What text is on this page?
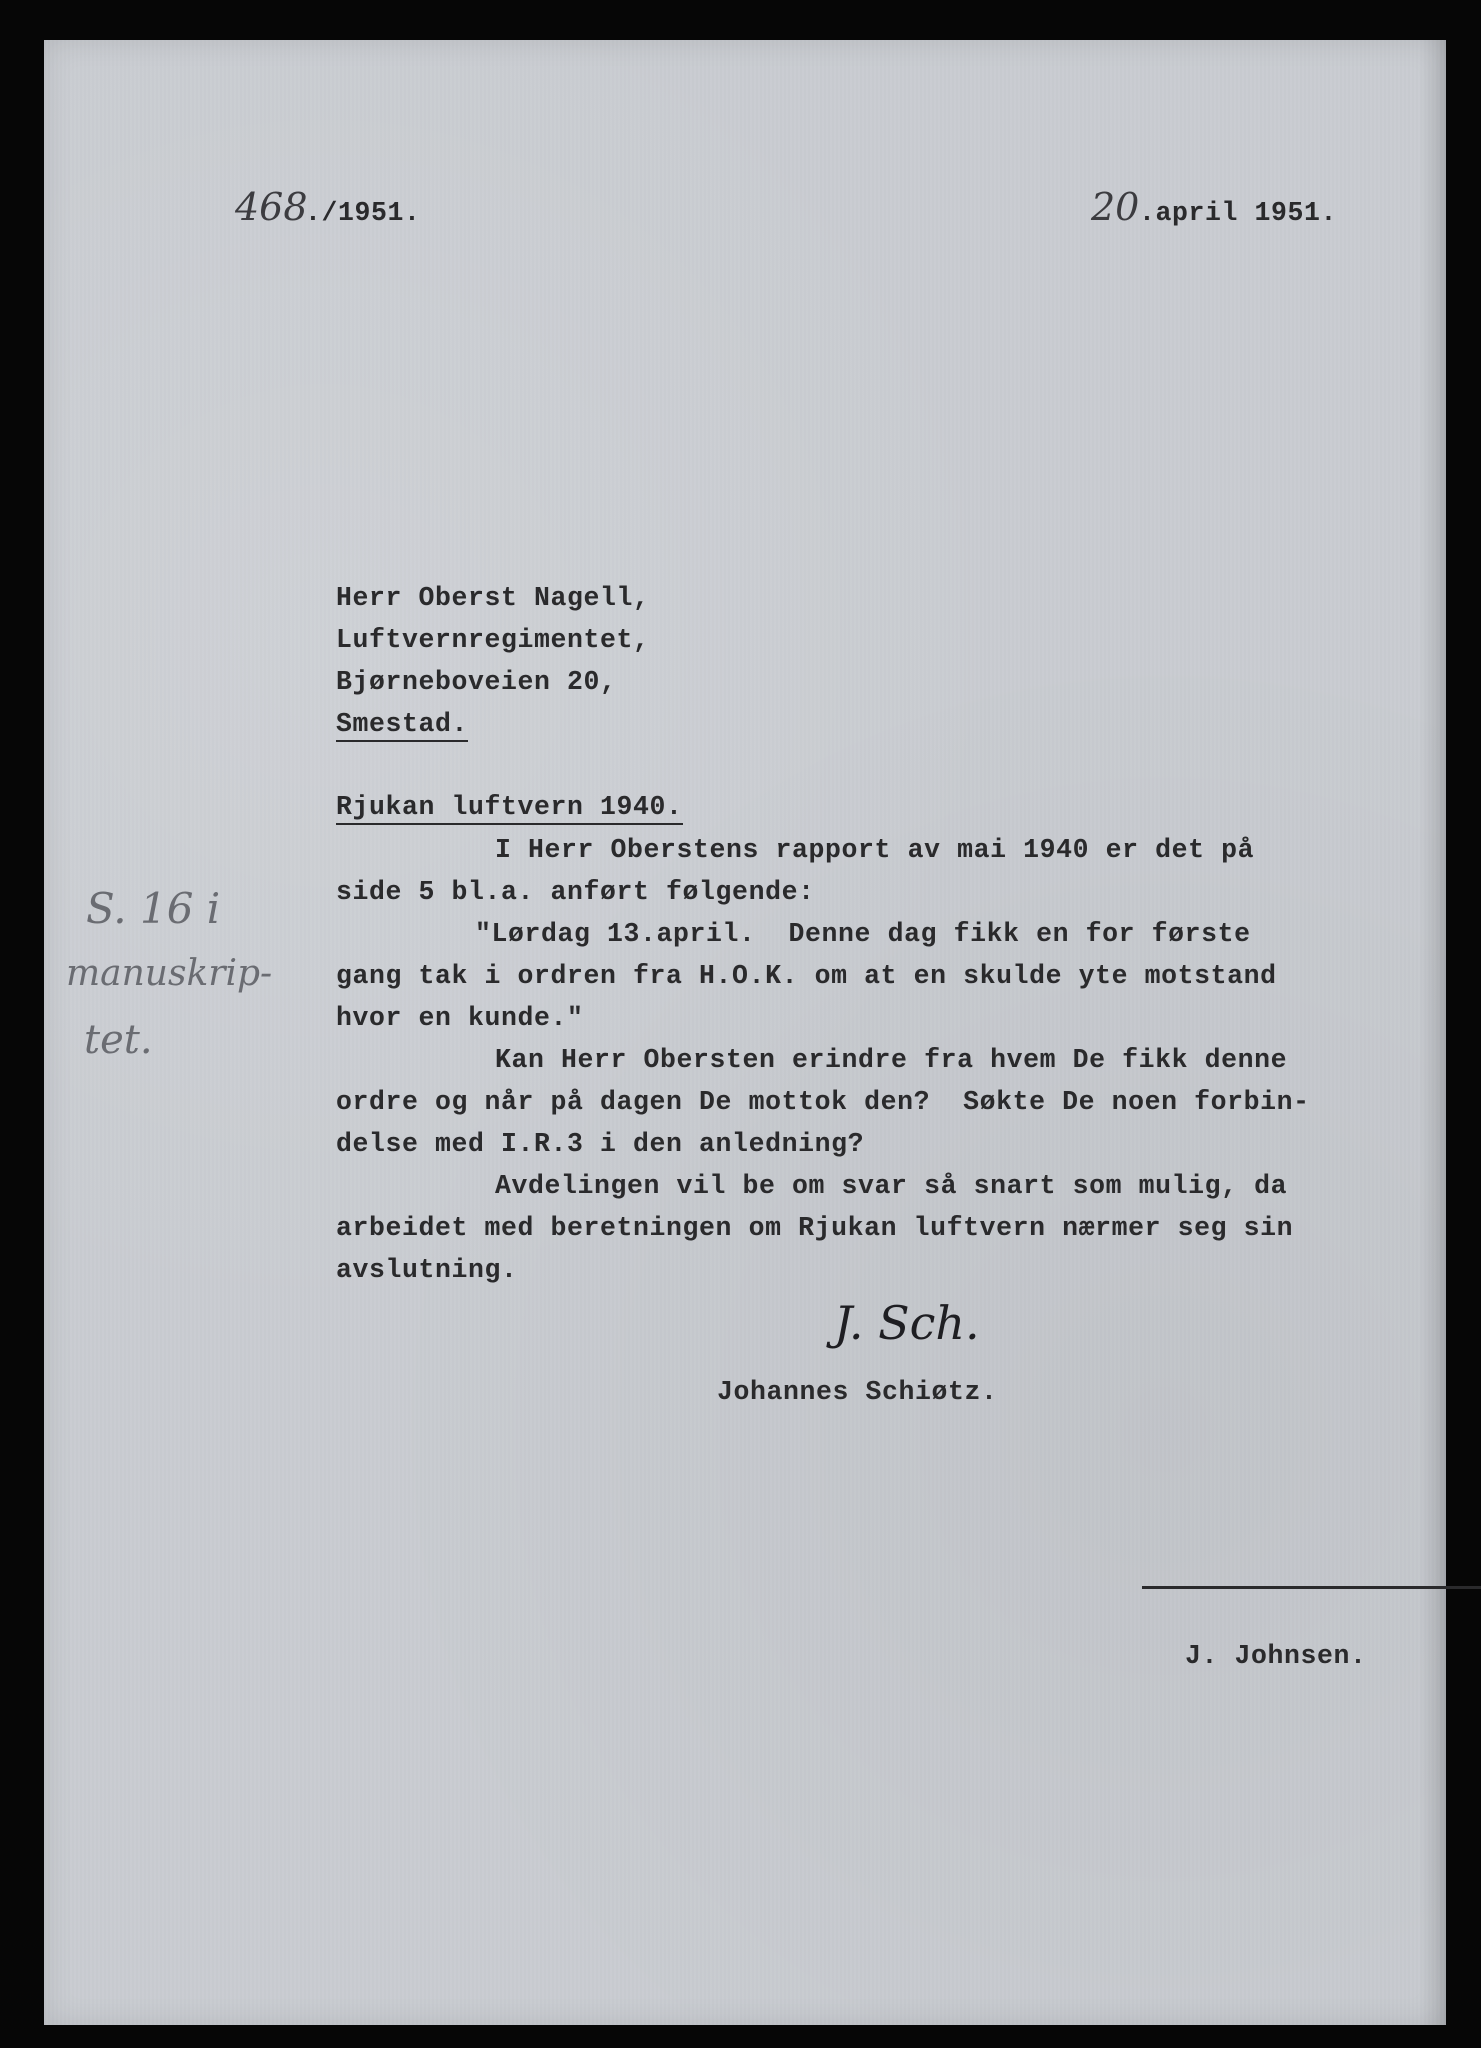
468
./1951.	20 .april 1951.
Herr Oberst Nagell,
Luftvernregimentet,
Bjørneboveien 20,
Smestad.
Rjukan luftvern 1940.
I Herr Oberstens rapport av mai 1940 er det på
side 5 bl.a. anført følgende:
"Lørdag 13.april.  Denne dag fikk en for første
gang tak i ordren fra H.O.K. om at en skulde yte motstand
hvor en kunde."
Kan Herr Obersten erindre fra hvem De fikk denne
ordre og når på dagen De mottok den?  Søkte De noen forbin-
delse med I.R.3 i den anledning?
Avdelingen vil be om svar så snart som mulig, da
arbeidet med beretningen om Rjukan luftvern nærmer seg sin
avslutning.
S. 16 i
manuskrip-
tet.
J. Sch.
Johannes Schiøtz.
J. Johnsen.
